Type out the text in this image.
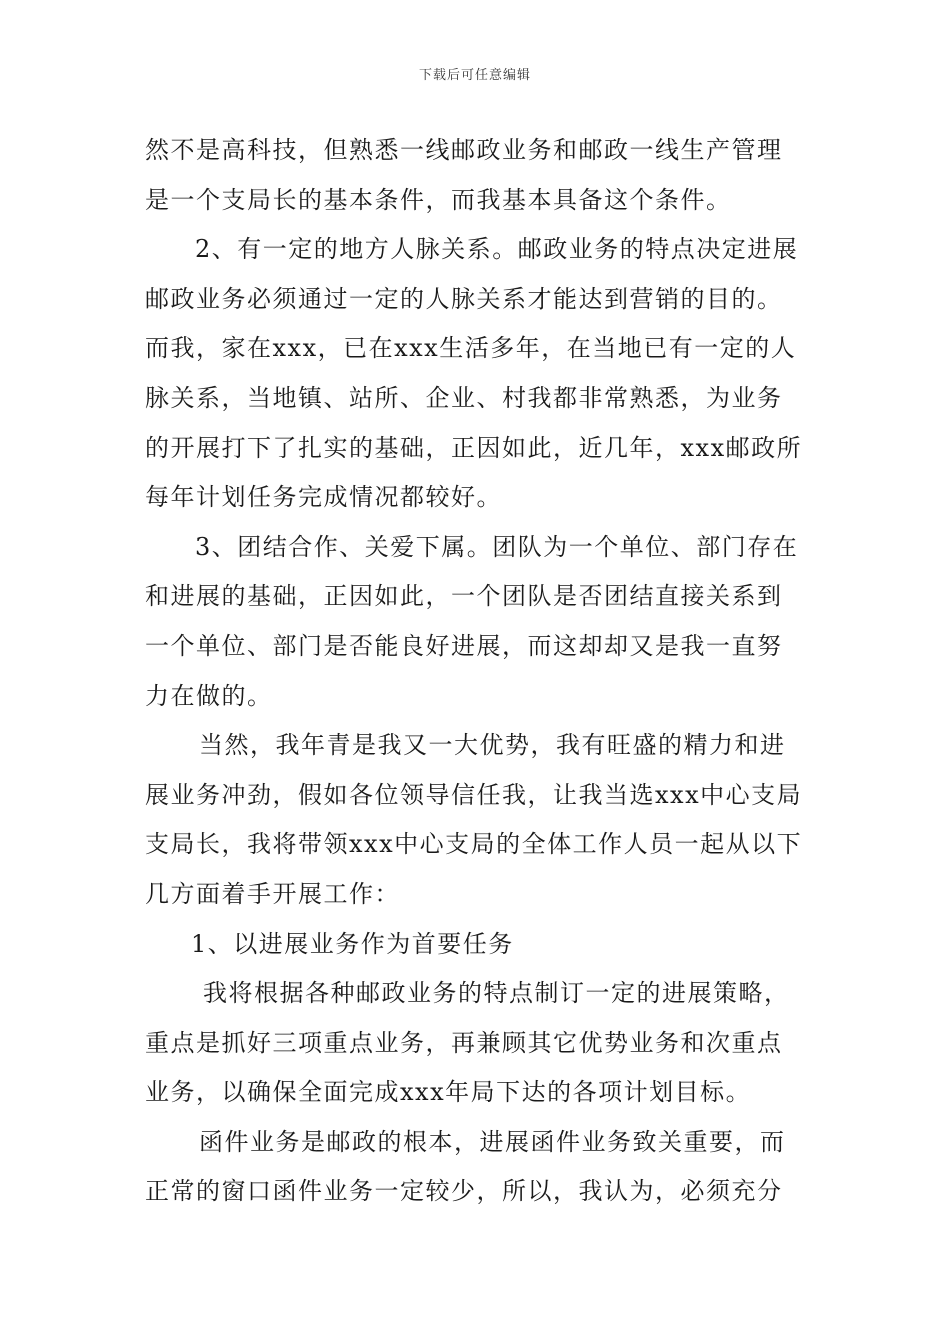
下载后可任意编辑
然不是高科技，但熟悉一线邮政业务和邮政一线生产管理
是一个支局长的基本条件，而我基本具备这个条件。
2、有一定的地方人脉关系。邮政业务的特点决定进展
邮政业务必须通过一定的人脉关系才能达到营销的目的。
而我，家在xxx，已在xxx生活多年，在当地已有一定的人
脉关系，当地镇、站所、企业、村我都非常熟悉，为业务
的开展打下了扎实的基础，正因如此，近几年，xxx邮政所
每年计划任务完成情况都较好。
3、团结合作、关爱下属。团队为一个单位、部门存在
和进展的基础，正因如此，一个团队是否团结直接关系到
一个单位、部门是否能良好进展，而这却却又是我一直努
力在做的。
当然，我年青是我又一大优势，我有旺盛的精力和进
展业务冲劲，假如各位领导信任我，让我当选xxx中心支局
支局长，我将带领xxx中心支局的全体工作人员一起从以下
几方面着手开展工作：
1、以进展业务作为首要任务
我将根据各种邮政业务的特点制订一定的进展策略，
重点是抓好三项重点业务，再兼顾其它优势业务和次重点
业务，以确保全面完成xxx年局下达的各项计划目标。
函件业务是邮政的根本，进展函件业务致关重要，而
正常的窗口函件业务一定较少，所以，我认为，必须充分
